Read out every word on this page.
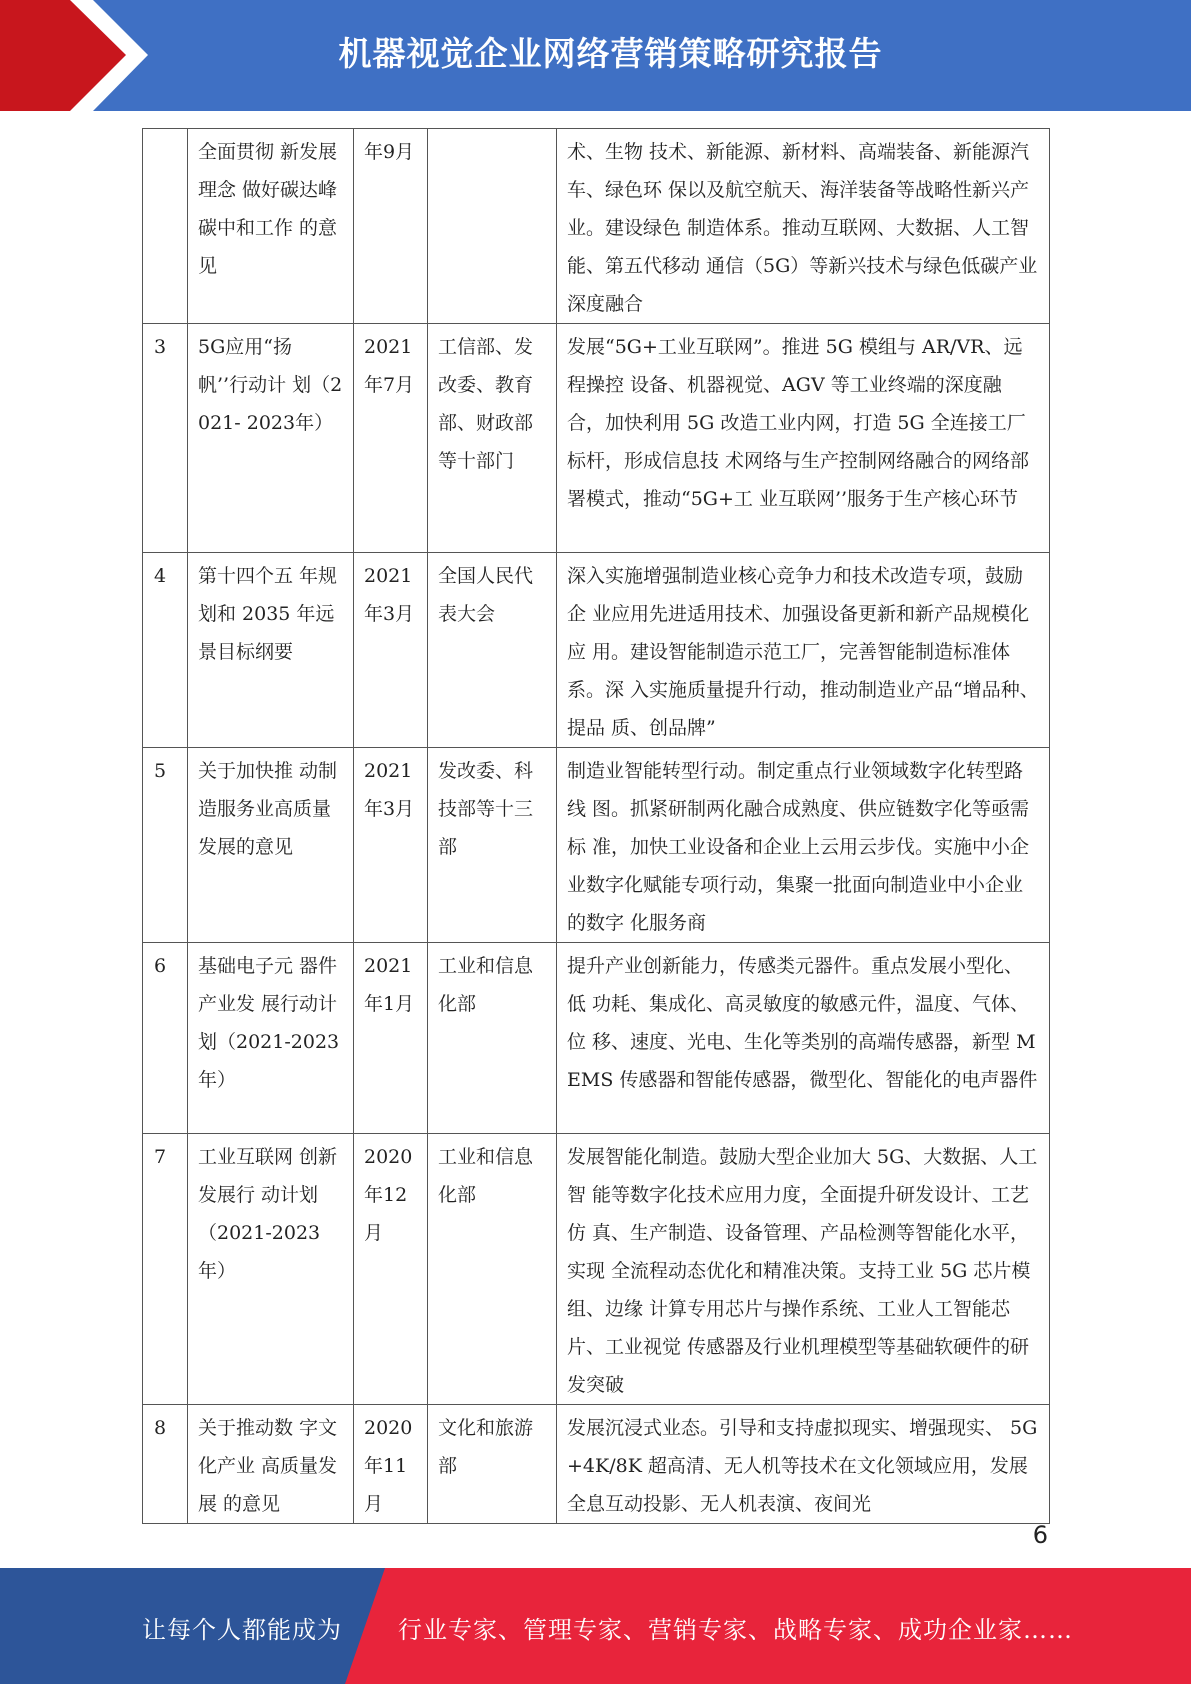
机器视觉企业网络营销策略研究报告
	全面贯彻 新发展理念 做好碳达峰 碳中和工作 的意见	年9月		术、生物 技术、新能源、新材料、高端装备、新能源汽车、绿色环 保以及航空航天、海洋装备等战略性新兴产业。建设绿色 制造体系。推动互联网、大数据、人工智能、第五代移动 通信（5G）等新兴技术与绿色低碳产业深度融合
3	5G应用“扬 帆’’行动计 划（2021- 2023年）	2021年7月	工信部、发改委、教育部、财政部等十部门	发展“5G+工业互联网”。推进 5G 模组与 AR/VR、远程操控 设备、机器视觉、AGV 等工业终端的深度融合，加快利用 5G 改造工业内网，打造 5G 全连接工厂标杆，形成信息技 术网络与生产控制网络融合的网络部署模式，推动“5G+工 业互联网’’服务于生产核心环节
4	第十四个五 年规划和 2035 年远 景目标纲要	2021年3月	全国人民代表大会	深入实施增强制造业核心竞争力和技术改造专项，鼓励企 业应用先进适用技术、加强设备更新和新产品规模化应 用。建设智能制造示范工厂，完善智能制造标准体系。深 入实施质量提升行动，推动制造业产品“增品种、提品 质、创品牌”
5	关于加快推 动制造服务业高质量发展的意见	2021年3月	发改委、科技部等十三部	制造业智能转型行动。制定重点行业领域数字化转型路线 图。抓紧研制两化融合成熟度、供应链数字化等亟需标 准，加快工业设备和企业上云用云步伐。实施中小企业数字化赋能专项行动，集聚一批面向制造业中小企业的数字 化服务商
6	基础电子元 器件产业发 展行动计划（2021-2023 年）	2021年1月	工业和信息化部	提升产业创新能力，传感类元器件。重点发展小型化、低 功耗、集成化、高灵敏度的敏感元件，温度、气体、位 移、速度、光电、生化等类别的高端传感器，新型 MEMS 传感器和智能传感器，微型化、智能化的电声器件
7	工业互联网 创新发展行 动计划（2021-2023年）	2020年12月	工业和信息化部	发展智能化制造。鼓励大型企业加大 5G、大数据、人工智 能等数字化技术应用力度，全面提升研发设计、工艺仿 真、生产制造、设备管理、产品检测等智能化水平，实现 全流程动态优化和精准决策。支持工业 5G 芯片模组、边缘 计算专用芯片与操作系统、工业人工智能芯片、工业视觉 传感器及行业机理模型等基础软硬件的研发突破
8	关于推动数 字文化产业 高质量发展 的意见	2020年11月	文化和旅游部	发展沉浸式业态。引导和支持虚拟现实、增强现实、 5G+4K/8K 超高清、无人机等技术在文化领域应用，发展 全息互动投影、无人机表演、夜间光
6
让每个人都能成为 行业专家、管理专家、营销专家、战略专家、成功企业家……
